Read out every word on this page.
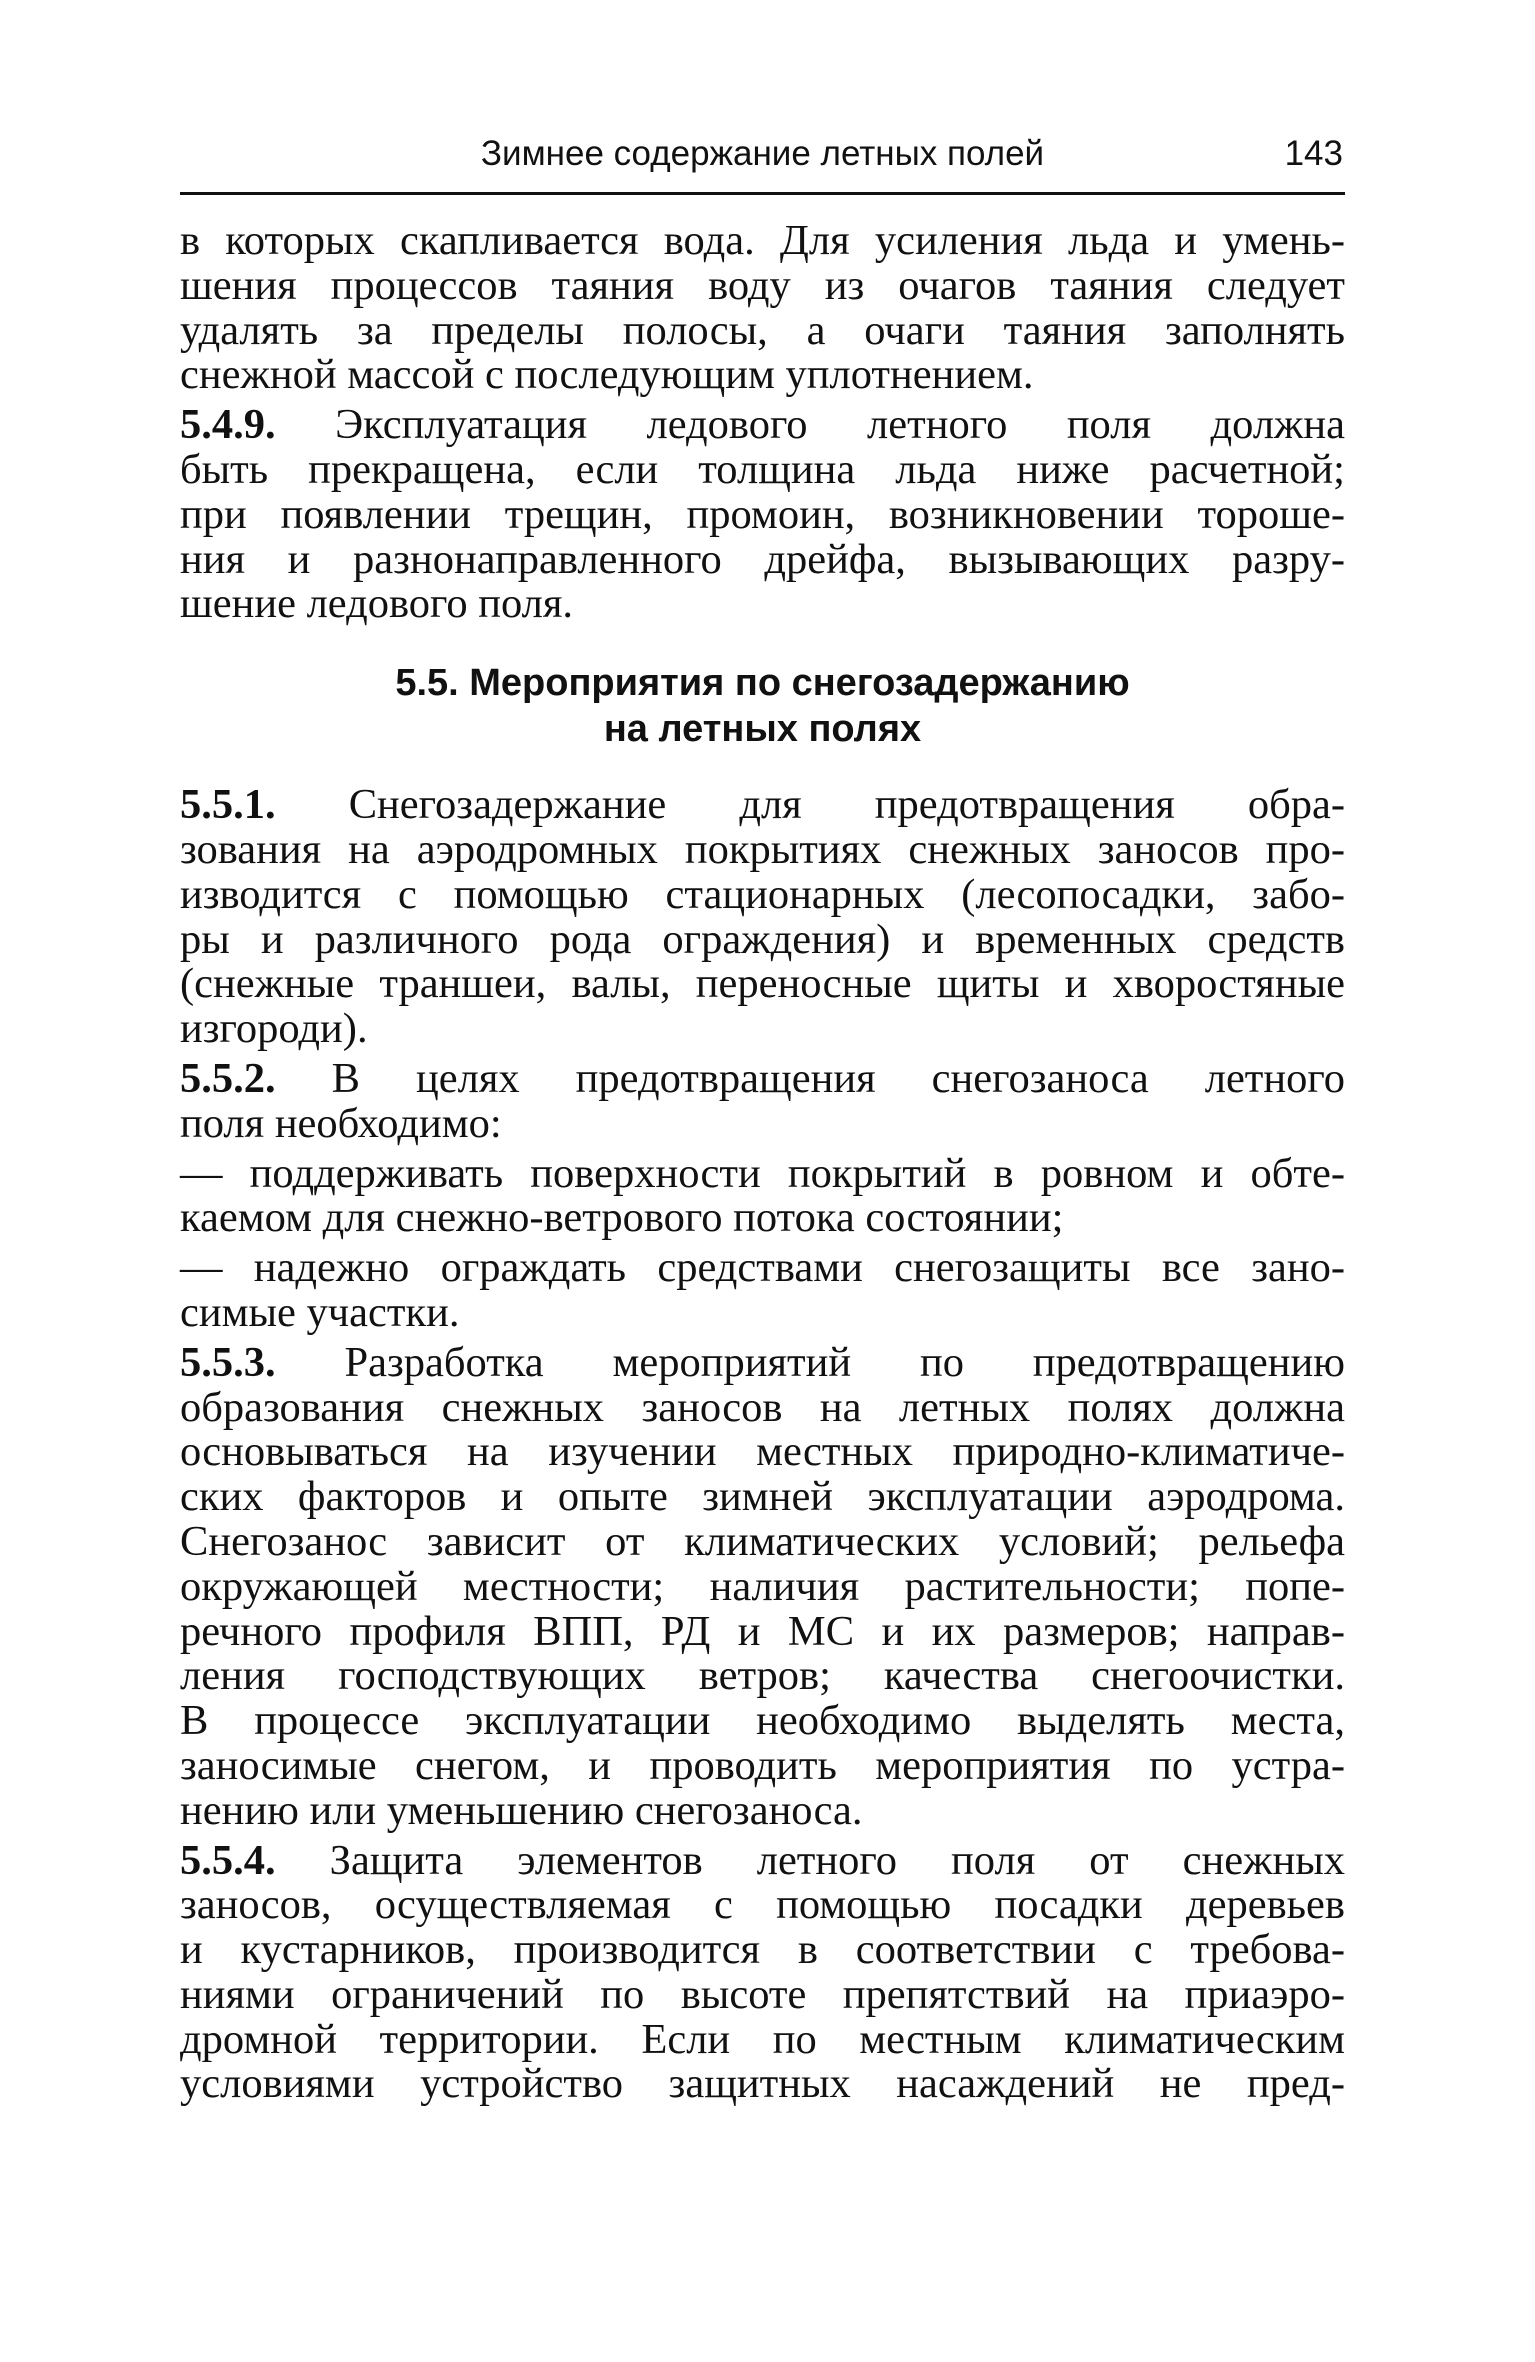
Зимнее содержание летных полей	143

в которых скапливается вода. Для усиления льда и умень-
шения процессов таяния воду из очагов таяния следует
удалять за пределы полосы, а очаги таяния заполнять
снежной массой с последующим уплотнением.

5.4.9. Эксплуатация ледового летного поля должна
быть прекращена, если толщина льда ниже расчетной;
при появлении трещин, промоин, возникновении тороше-
ния и разнонаправленного дрейфа, вызывающих разру-
шение ледового поля.

5.5. Мероприятия по снегозадержанию
на летных полях

5.5.1. Снегозадержание для предотвращения обра-
зования на аэродромных покрытиях снежных заносов про-
изводится с помощью стационарных (лесопосадки, забо-
ры и различного рода ограждения) и временных средств
(снежные траншеи, валы, переносные щиты и хворостяные
изгороди).

5.5.2. В целях предотвращения снегозаноса летного
поля необходимо:

— поддерживать поверхности покрытий в ровном и обте-
каемом для снежно-ветрового потока состоянии;

— надежно ограждать средствами снегозащиты все зано-
симые участки.

5.5.3. Разработка мероприятий по предотвращению
образования снежных заносов на летных полях должна
основываться на изучении местных природно-климатиче-
ских факторов и опыте зимней эксплуатации аэродрома.
Снегозанос зависит от климатических условий; рельефа
окружающей местности; наличия растительности; попе-
речного профиля ВПП, РД и МС и их размеров; направ-
ления господствующих ветров; качества снегоочистки.
В процессе эксплуатации необходимо выделять места,
заносимые снегом, и проводить мероприятия по устра-
нению или уменьшению снегозаноса.

5.5.4. Защита элементов летного поля от снежных
заносов, осуществляемая с помощью посадки деревьев
и кустарников, производится в соответствии с требова-
ниями ограничений по высоте препятствий на приаэро-
дромной территории. Если по местным климатическим
условиями устройство защитных насаждений не пред-
